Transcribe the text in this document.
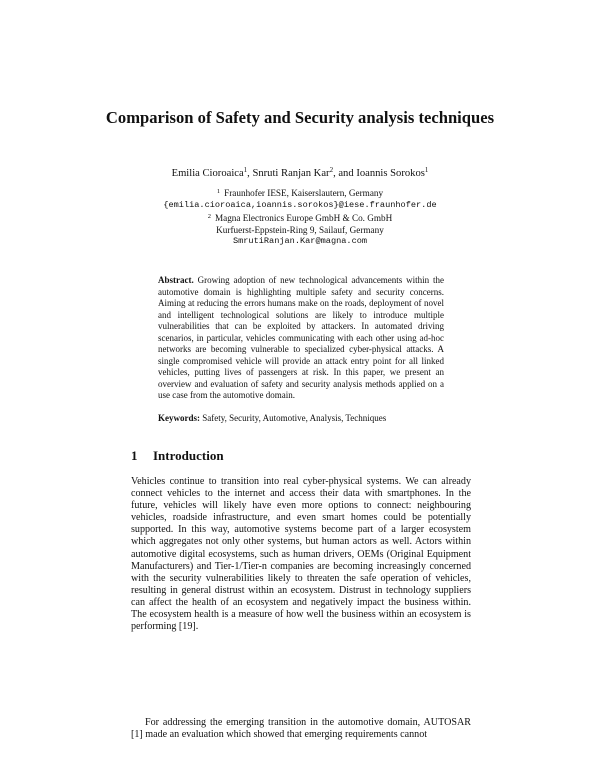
Comparison of Safety and Security analysis techniques
Emilia Cioroaica$^1$, Snruti Ranjan Kar$^2$, and Ioannis Sorokos$^1$
$^1$ Fraunhofer IESE, Kaiserslautern, Germany
{emilia.cioroaica,ioannis.sorokos}@iese.fraunhofer.de
$^2$ Magna Electronics Europe GmbH & Co. GmbH
Kurfuerst-Eppstein-Ring 9, Sailauf, Germany
SmrutiRanjan.Kar@magna.com
Abstract. Growing adoption of new technological advancements within the automotive domain is highlighting multiple safety and security concerns. Aiming at reducing the errors humans make on the roads, deployment of novel and intelligent technological solutions are likely to introduce multiple vulnerabilities that can be exploited by attackers. In automated driving scenarios, in particular, vehicles communicating with each other using ad-hoc networks are becoming vulnerable to specialized cyber-physical attacks. A single compromised vehicle will provide an attack entry point for all linked vehicles, putting lives of passengers at risk. In this paper, we present an overview and evaluation of safety and security analysis methods applied on a use case from the automotive domain.
Keywords: Safety, Security, Automotive, Analysis, Techniques
1 Introduction
Vehicles continue to transition into real cyber-physical systems. We can already connect vehicles to the internet and access their data with smartphones. In the future, vehicles will likely have even more options to connect: neighbouring vehicles, roadside infrastructure, and even smart homes could be potentially supported. In this way, automotive systems become part of a larger ecosystem which aggregates not only other systems, but human actors as well. Actors within automotive digital ecosystems, such as human drivers, OEMs (Original Equipment Manufacturers) and Tier-1/Tier-n companies are becoming increasingly concerned with the security vulnerabilities likely to threaten the safe operation of vehicles, resulting in general distrust within an ecosystem. Distrust in technology suppliers can affect the health of an ecosystem and negatively impact the business within. The ecosystem health is a measure of how well the business within an ecosystem is performing [19].
For addressing the emerging transition in the automotive domain, AUTOSAR [1] made an evaluation which showed that emerging requirements cannot
